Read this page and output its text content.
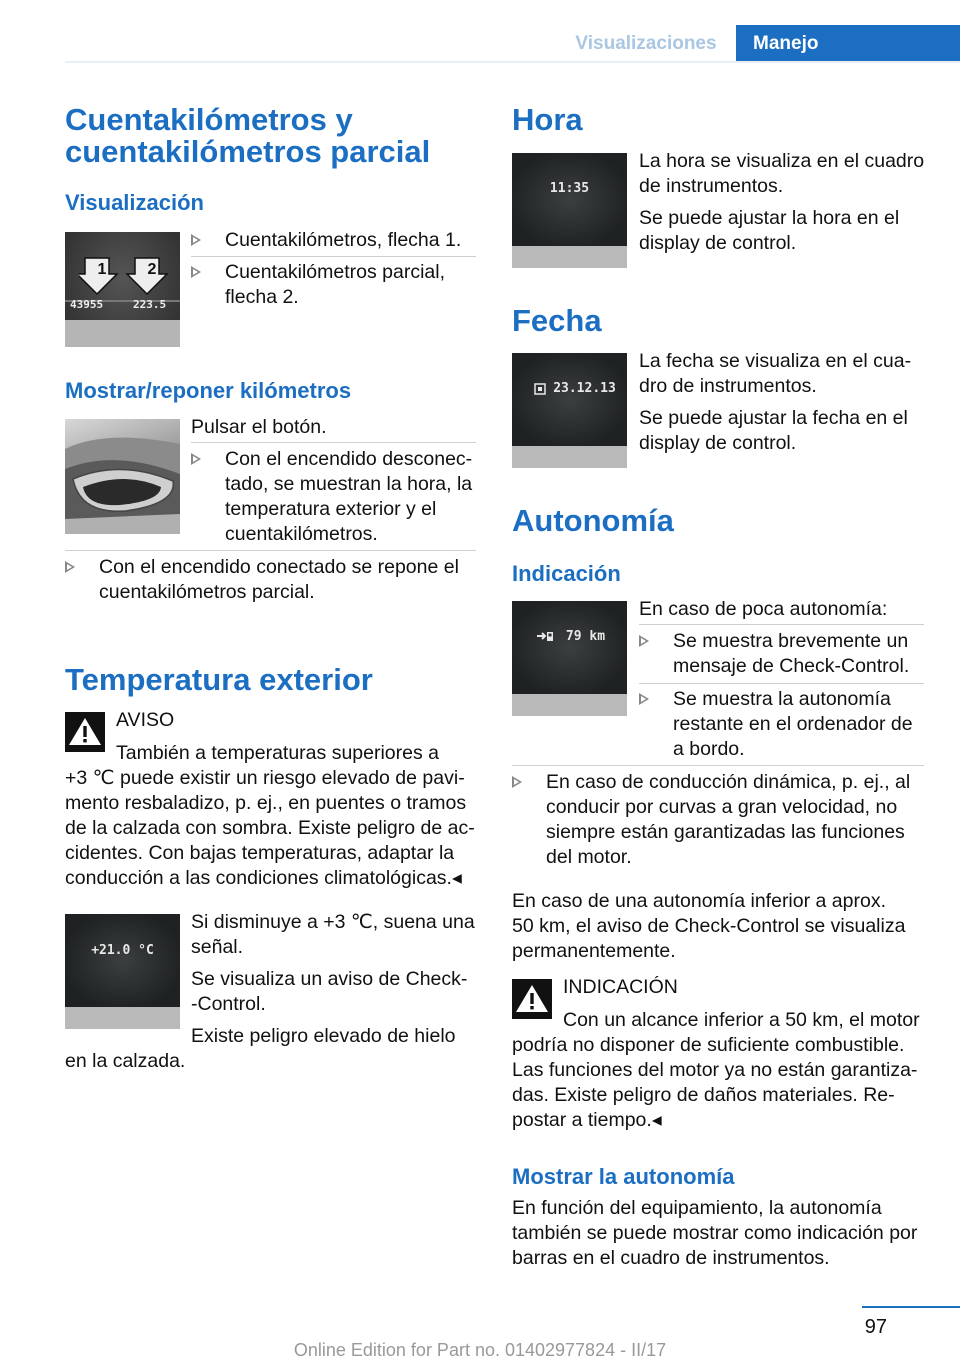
Visualizaciones	Manejo
Cuentakilómetros y
cuentakilómetros parcial
Visualización
1	2
43955	223.5
Cuentakilómetros, flecha 1.
Cuentakilómetros parcial,
flecha 2.
Mostrar/reponer kilómetros
Pulsar el botón.
Con el encendido desconec-
tado, se muestran la hora, la
temperatura exterior y el
cuentakilómetros.
Con el encendido conectado se repone el
cuentakilómetros parcial.
Temperatura exterior
AVISO
También a temperaturas superiores a
+3 ℃ puede existir un riesgo elevado de pavi-
mento resbaladizo, p. ej., en puentes o tramos
de la calzada con sombra. Existe peligro de ac-
cidentes. Con bajas temperaturas, adaptar la
conducción a las condiciones climatológicas.◂
+21.0 °C
Si disminuye a +3 ℃, suena una
señal.
Se visualiza un aviso de Check-
-Control.
Existe peligro elevado de hielo
en la calzada.
Hora
11:35
La hora se visualiza en el cuadro
de instrumentos.
Se puede ajustar la hora en el
display de control.
Fecha
23.12.13
La fecha se visualiza en el cua-
dro de instrumentos.
Se puede ajustar la fecha en el
display de control.
Autonomía
Indicación
79 km
En caso de poca autonomía:
Se muestra brevemente un
mensaje de Check-Control.
Se muestra la autonomía
restante en el ordenador de
a bordo.
En caso de conducción dinámica, p. ej., al
conducir por curvas a gran velocidad, no
siempre están garantizadas las funciones
del motor.
En caso de una autonomía inferior a aprox.
50 km, el aviso de Check-Control se visualiza
permanentemente.
INDICACIÓN
Con un alcance inferior a 50 km, el motor
podría no disponer de suficiente combustible.
Las funciones del motor ya no están garantiza-
das. Existe peligro de daños materiales. Re-
postar a tiempo.◂
Mostrar la autonomía
En función del equipamiento, la autonomía
también se puede mostrar como indicación por
barras en el cuadro de instrumentos.
97
Online Edition for Part no. 01402977824 - II/17
